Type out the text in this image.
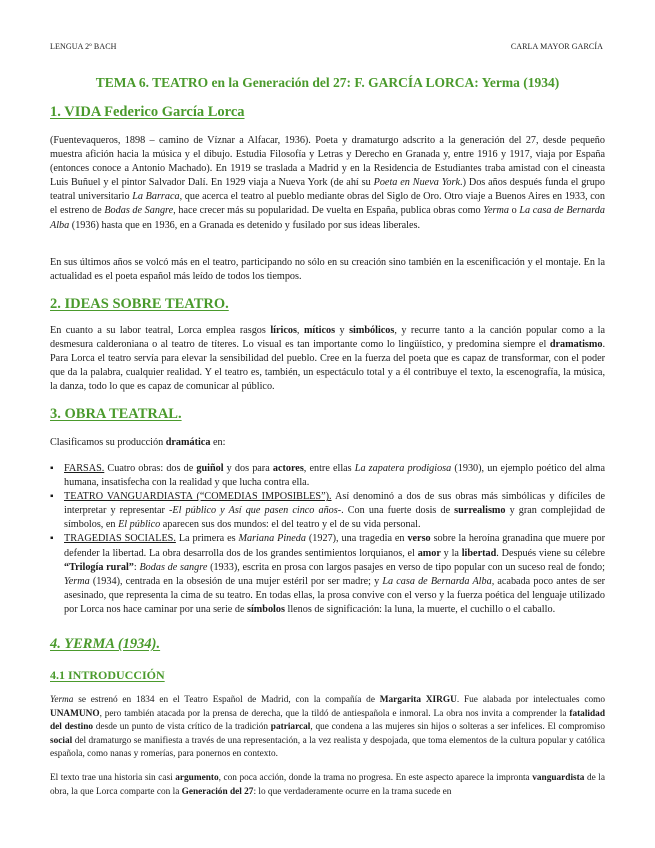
LENGUA 2º BACH	CARLA MAYOR GARCÍA
TEMA 6. TEATRO en la Generación del 27: F. GARCÍA LORCA: Yerma (1934)
1. VIDA Federico García Lorca
(Fuentevaqueros, 1898 – camino de Víznar a Alfacar, 1936). Poeta y dramaturgo adscrito a la generación del 27, desde pequeño muestra afición hacia la música y el dibujo. Estudia Filosofía y Letras y Derecho en Granada y, entre 1916 y 1917, viaja por España (entonces conoce a Antonio Machado). En 1919 se traslada a Madrid y en la Residencia de Estudiantes traba amistad con el cineasta Luis Buñuel y el pintor Salvador Dalí. En 1929 viaja a Nueva York (de ahí su Poeta en Nueva York.) Dos años después funda el grupo teatral universitario La Barraca, que acerca el teatro al pueblo mediante obras del Siglo de Oro. Otro viaje a Buenos Aires en 1933, con el estreno de Bodas de Sangre, hace crecer más su popularidad. De vuelta en España, publica obras como Yerma o La casa de Bernarda Alba (1936) hasta que en 1936, en a Granada es detenido y fusilado por sus ideas liberales.
En sus últimos años se volcó más en el teatro, participando no sólo en su creación sino también en la escenificación y el montaje. En la actualidad es el poeta español más leído de todos los tiempos.
2. IDEAS SOBRE TEATRO.
En cuanto a su labor teatral, Lorca emplea rasgos líricos, míticos y simbólicos, y recurre tanto a la canción popular como a la desmesura calderoniana o al teatro de títeres. Lo visual es tan importante como lo lingüístico, y predomina siempre el dramatismo. Para Lorca el teatro servía para elevar la sensibilidad del pueblo. Cree en la fuerza del poeta que es capaz de transformar, con el poder que da la palabra, cualquier realidad. Y el teatro es, también, un espectáculo total y a él contribuye el texto, la escenografía, la música, la danza, todo lo que es capaz de comunicar al público.
3. OBRA TEATRAL.
Clasificamos su producción dramática en:
▪ FARSAS. Cuatro obras: dos de guiñol y dos para actores, entre ellas La zapatera prodigiosa (1930), un ejemplo poético del alma humana, insatisfecha con la realidad y que lucha contra ella.
▪ TEATRO VANGUARDIASTA (“COMEDIAS IMPOSIBLES”). Así denominó a dos de sus obras más simbólicas y difíciles de interpretar y representar -El público y Así que pasen cinco años-. Con una fuerte dosis de surrealismo y gran complejidad de símbolos, en El público aparecen sus dos mundos: el del teatro y el de su vida personal.
▪ TRAGEDIAS SOCIALES. La primera es Mariana Pineda (1927), una tragedia en verso sobre la heroína granadina que muere por defender la libertad. La obra desarrolla dos de los grandes sentimientos lorquianos, el amor y la libertad. Después viene su célebre “Trilogía rural”: Bodas de sangre (1933), escrita en prosa con largos pasajes en verso de tipo popular con un suceso real de fondo; Yerma (1934), centrada en la obsesión de una mujer estéril por ser madre; y La casa de Bernarda Alba, acabada poco antes de ser asesinado, que representa la cima de su teatro. En todas ellas, la prosa convive con el verso y la fuerza poética del lenguaje utilizado por Lorca nos hace caminar por una serie de símbolos llenos de significación: la luna, la muerte, el cuchillo o el caballo.
4. YERMA (1934).
4.1 INTRODUCCIÓN
Yerma se estrenó en 1834 en el Teatro Español de Madrid, con la compañía de Margarita XIRGU. Fue alabada por intelectuales como UNAMUNO, pero también atacada por la prensa de derecha, que la tildó de antiespañola e inmoral. La obra nos invita a comprender la fatalidad del destino desde un punto de vista crítico de la tradición patriarcal, que condena a las mujeres sin hijos o solteras a ser infelices. El compromiso social del dramaturgo se manifiesta a través de una representación, a la vez realista y despojada, que toma elementos de la cultura popular y católica española, como nanas y romerías, para ponernos en contexto.
El texto trae una historia sin casi argumento, con poca acción, donde la trama no progresa. En este aspecto aparece la impronta vanguardista de la obra, la que Lorca comparte con la Generación del 27: lo que verdaderamente ocurre en la trama sucede en
